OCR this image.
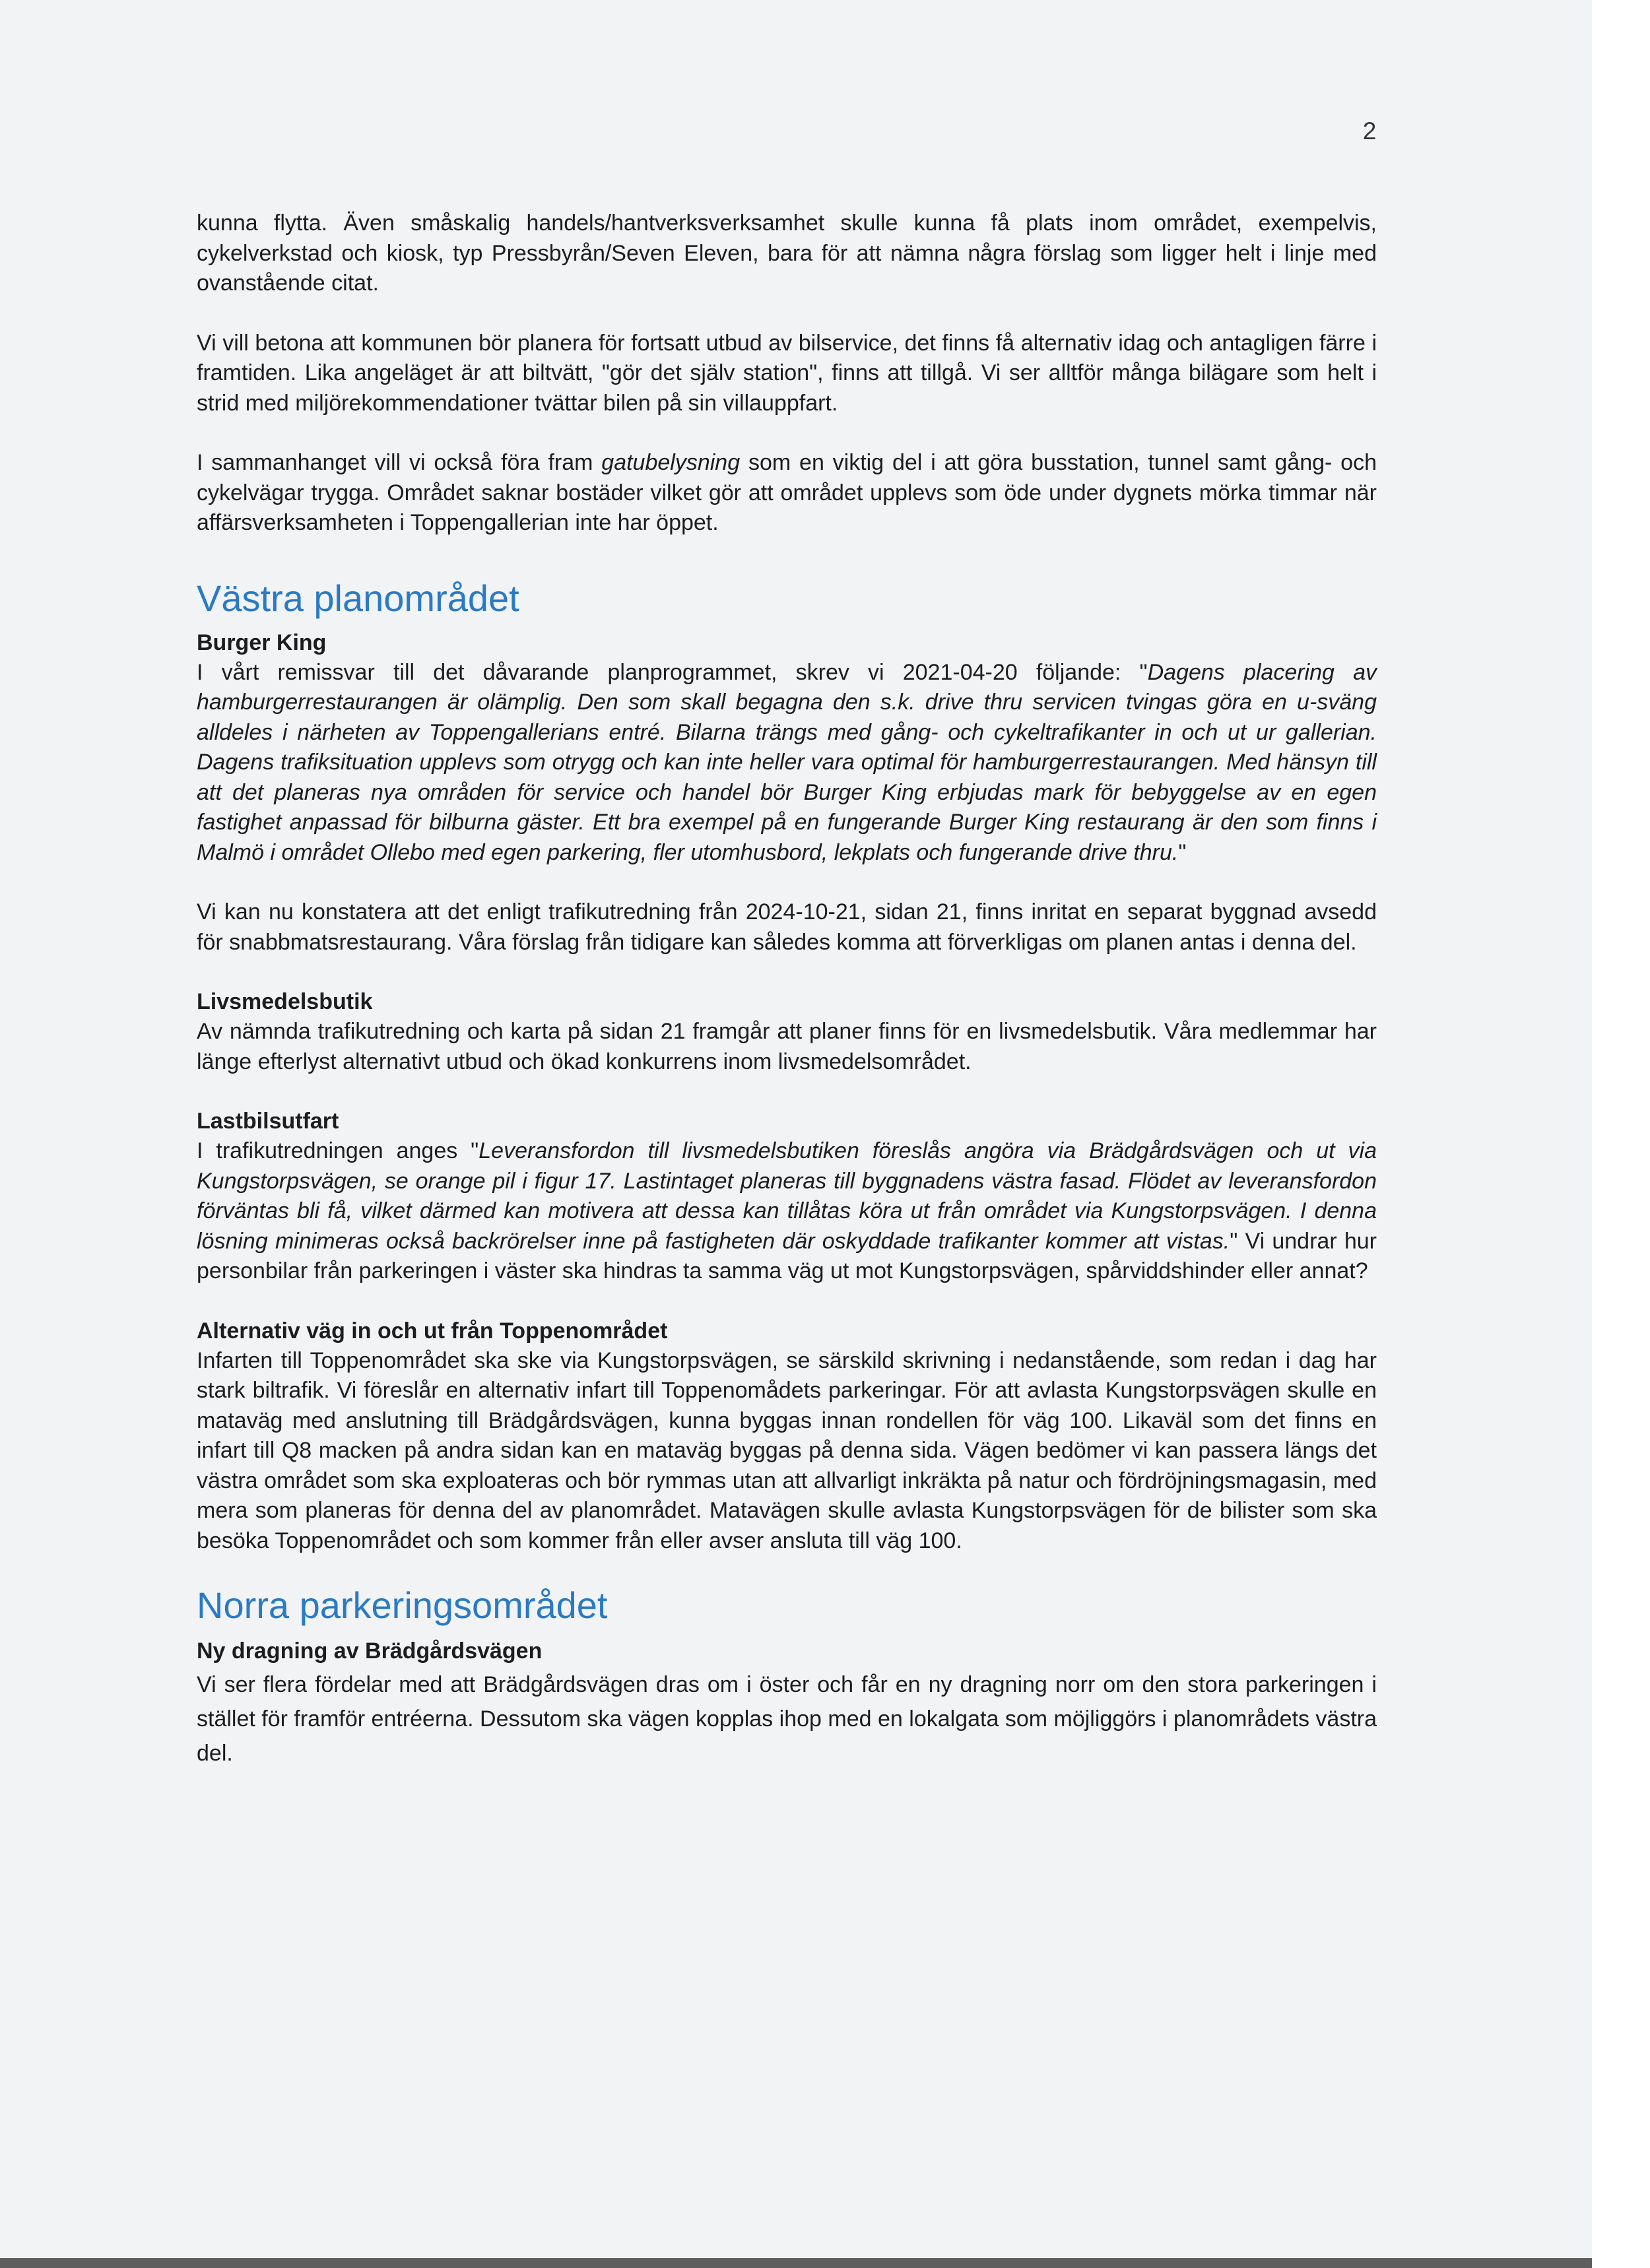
2

kunna flytta. Även småskalig handels/hantverksverksamhet skulle kunna få plats inom området, exempelvis, cykelverkstad och kiosk, typ Pressbyrån/Seven Eleven, bara för att nämna några förslag som ligger helt i linje med ovanstående citat.

Vi vill betona att kommunen bör planera för fortsatt utbud av bilservice, det finns få alternativ idag och antagligen färre i framtiden. Lika angeläget är att biltvätt, "gör det själv station", finns att tillgå. Vi ser alltför många bilägare som helt i strid med miljörekommendationer tvättar bilen på sin villauppfart.

I sammanhanget vill vi också föra fram gatubelysning som en viktig del i att göra busstation, tunnel samt gång- och cykelvägar trygga. Området saknar bostäder vilket gör att området upplevs som öde under dygnets mörka timmar när affärsverksamheten i Toppengallerian inte har öppet.

Västra planområdet
Burger King

I vårt remissvar till det dåvarande planprogrammet, skrev vi 2021-04-20 följande: "Dagens placering av hamburgerrestaurangen är olämplig. Den som skall begagna den s.k. drive thru servicen tvingas göra en u-sväng alldeles i närheten av Toppengallerians entré. Bilarna trängs med gång- och cykeltrafikanter in och ut ur gallerian. Dagens trafiksituation upplevs som otrygg och kan inte heller vara optimal för hamburgerrestaurangen. Med hänsyn till att det planeras nya områden för service och handel bör Burger King erbjudas mark för bebyggelse av en egen fastighet anpassad för bilburna gäster. Ett bra exempel på en fungerande Burger King restaurang är den som finns i Malmö i området Ollebo med egen parkering, fler utomhusbord, lekplats och fungerande drive thru."

Vi kan nu konstatera att det enligt trafikutredning från 2024-10-21, sidan 21, finns inritat en separat byggnad avsedd för snabbmatsrestaurang. Våra förslag från tidigare kan således komma att förverkligas om planen antas i denna del.

Livsmedelsbutik

Av nämnda trafikutredning och karta på sidan 21 framgår att planer finns för en livsmedelsbutik. Våra medlemmar har länge efterlyst alternativt utbud och ökad konkurrens inom livsmedelsområdet.

Lastbilsutfart

I trafikutredningen anges "Leveransfordon till livsmedelsbutiken föreslås angöra via Brädgårdsvägen och ut via Kungstorpsvägen, se orange pil i figur 17. Lastintaget planeras till byggnadens västra fasad. Flödet av leveransfordon förväntas bli få, vilket därmed kan motivera att dessa kan tillåtas köra ut från området via Kungstorpsvägen. I denna lösning minimeras också backrörelser inne på fastigheten där oskyddade trafikanter kommer att vistas." Vi undrar hur personbilar från parkeringen i väster ska hindras ta samma väg ut mot Kungstorpsvägen, spårviddshinder eller annat?

Alternativ väg in och ut från Toppenområdet

Infarten till Toppenområdet ska ske via Kungstorpsvägen, se särskild skrivning i nedanstående, som redan i dag har stark biltrafik. Vi föreslår en alternativ infart till Toppenomådets parkeringar. För att avlasta Kungstorpsvägen skulle en mataväg med anslutning till Brädgårdsvägen, kunna byggas innan rondellen för väg 100. Likaväl som det finns en infart till Q8 macken på andra sidan kan en mataväg byggas på denna sida. Vägen bedömer vi kan passera längs det västra området som ska exploateras och bör rymmas utan att allvarligt inkräkta på natur och fördröjningsmagasin, med mera som planeras för denna del av planområdet. Matavägen skulle avlasta Kungstorpsvägen för de bilister som ska besöka Toppenområdet och som kommer från eller avser ansluta till väg 100.

Norra parkeringsområdet
Ny dragning av Brädgårdsvägen

Vi ser flera fördelar med att Brädgårdsvägen dras om i öster och får en ny dragning norr om den stora parkeringen i stället för framför entréerna. Dessutom ska vägen kopplas ihop med en lokalgata som möjliggörs i planområdets västra del.
